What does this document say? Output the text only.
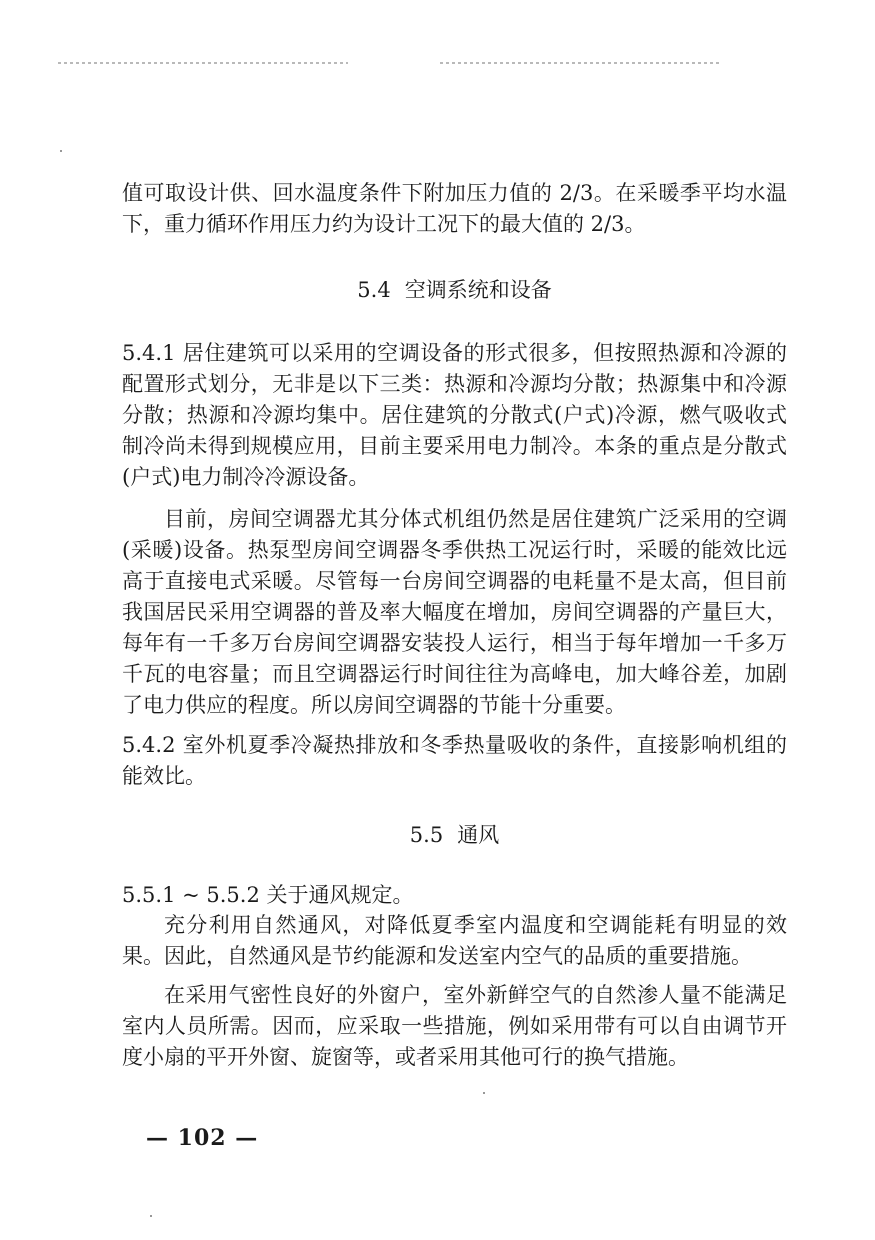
值可取设计供、回水温度条件下附加压力值的 2/3。在采暖季平均水温下，重力循环作用压力约为设计工况下的最大值的 2/3。

5.4 空调系统和设备

5.4.1 居住建筑可以采用的空调设备的形式很多，但按照热源和冷源的配置形式划分，无非是以下三类：热源和冷源均分散；热源集中和冷源分散；热源和冷源均集中。居住建筑的分散式(户式)冷源，燃气吸收式制冷尚未得到规模应用，目前主要采用电力制冷。本条的重点是分散式(户式)电力制冷冷源设备。

目前，房间空调器尤其分体式机组仍然是居住建筑广泛采用的空调(采暖)设备。热泵型房间空调器冬季供热工况运行时，采暖的能效比远高于直接电式采暖。尽管每一台房间空调器的电耗量不是太高，但目前我国居民采用空调器的普及率大幅度在增加，房间空调器的产量巨大，每年有一千多万台房间空调器安装投人运行，相当于每年增加一千多万千瓦的电容量；而且空调器运行时间往往为高峰电，加大峰谷差，加剧了电力供应的程度。所以房间空调器的节能十分重要。

5.4.2 室外机夏季冷凝热排放和冬季热量吸收的条件，直接影响机组的能效比。

5.5 通风

5.5.1 ~ 5.5.2 关于通风规定。

充分利用自然通风，对降低夏季室内温度和空调能耗有明显的效果。因此，自然通风是节约能源和发送室内空气的品质的重要措施。

在采用气密性良好的外窗户，室外新鲜空气的自然渗人量不能满足室内人员所需。因而，应采取一些措施，例如采用带有可以自由调节开度小扇的平开外窗、旋窗等，或者采用其他可行的换气措施。

— 102 —
